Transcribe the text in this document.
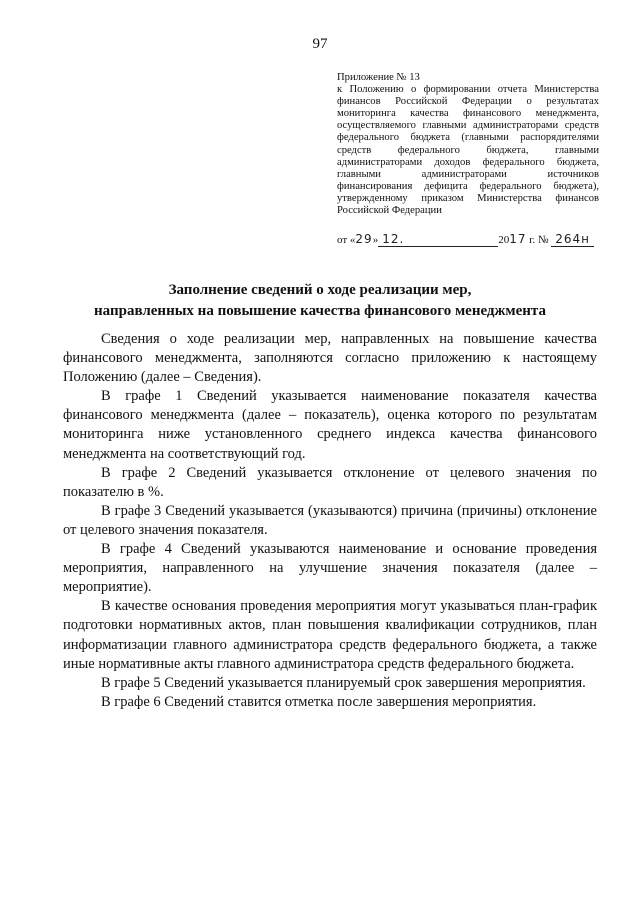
97
Приложение № 13
к Положению о формировании отчета Министерства
финансов Российской Федерации о результатах
мониторинга качества финансового менеджмента,
осуществляемого главными администраторами средств
федерального бюджета (главными распорядителями
средств федерального бюджета, главными
администраторами доходов федерального бюджета,
главными администраторами источников
финансирования дефицита федерального бюджета),
утвержденному приказом Министерства финансов
Российской Федерации
от «29» 12.	2017 г. № 264н
Заполнение сведений о ходе реализации мер,
направленных на повышение качества финансового менеджмента

Сведения о ходе реализации мер, направленных на повышение качества финансового менеджмента, заполняются согласно приложению к настоящему Положению (далее – Сведения).

В графе 1 Сведений указывается наименование показателя качества финансового менеджмента (далее – показатель), оценка которого по результатам мониторинга ниже установленного среднего индекса качества финансового менеджмента на соответствующий год.

В графе 2 Сведений указывается отклонение от целевого значения по показателю в %.

В графе 3 Сведений указывается (указываются) причина (причины) отклонение от целевого значения показателя.

В графе 4 Сведений указываются наименование и основание проведения мероприятия, направленного на улучшение значения показателя (далее – мероприятие).

В качестве основания проведения мероприятия могут указываться план-график подготовки нормативных актов, план повышения квалификации сотрудников, план информатизации главного администратора средств федерального бюджета, а также иные нормативные акты главного администратора средств федерального бюджета.

В графе 5 Сведений указывается планируемый срок завершения мероприятия.

В графе 6 Сведений ставится отметка после завершения мероприятия.
